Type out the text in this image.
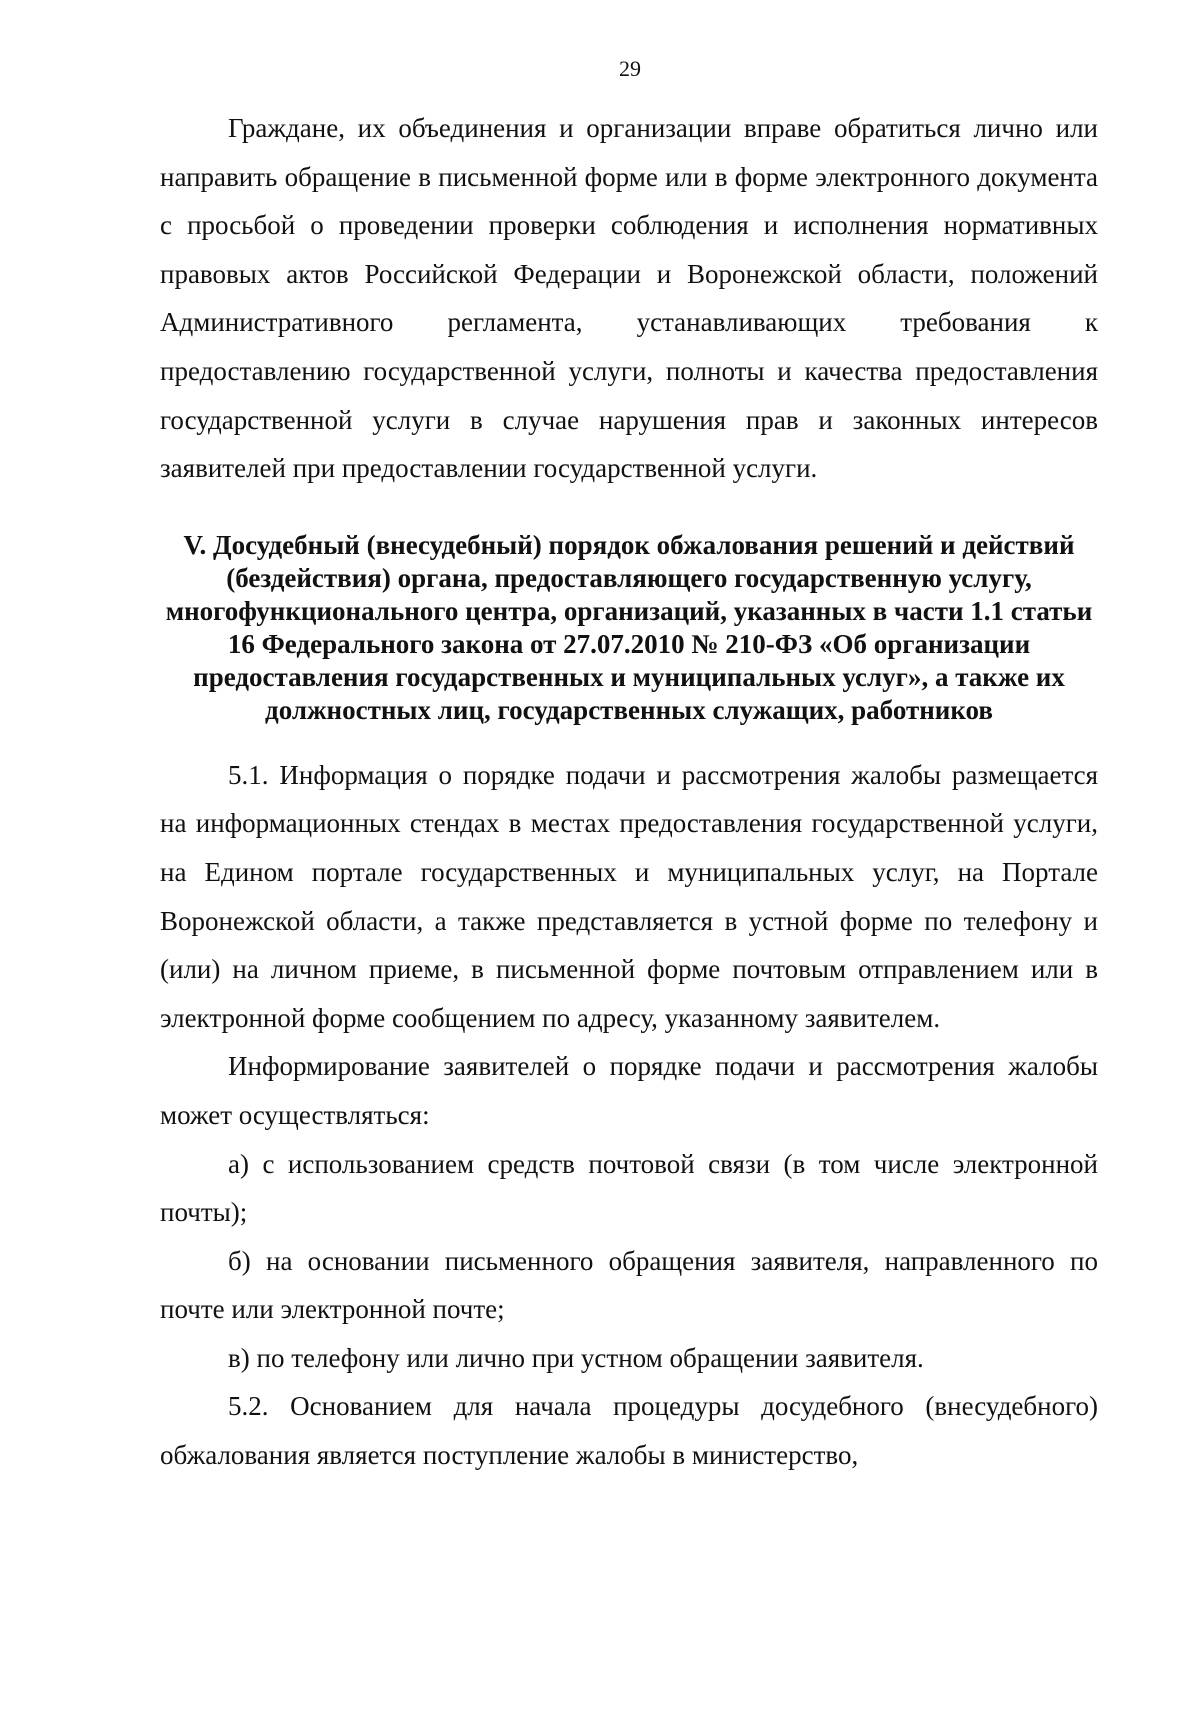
29

Граждане, их объединения и организации вправе обратиться лично или направить обращение в письменной форме или в форме электронного документа с просьбой о проведении проверки соблюдения и исполнения нормативных правовых актов Российской Федерации и Воронежской области, положений Административного регламента, устанавливающих требования к предоставлению государственной услуги, полноты и качества предоставления государственной услуги в случае нарушения прав и законных интересов заявителей при предоставлении государственной услуги.

V. Досудебный (внесудебный) порядок обжалования решений и действий (бездействия) органа, предоставляющего государственную услугу, многофункционального центра, организаций, указанных в части 1.1 статьи 16 Федерального закона от 27.07.2010 № 210-ФЗ «Об организации предоставления государственных и муниципальных услуг», а также их должностных лиц, государственных служащих, работников

5.1. Информация о порядке подачи и рассмотрения жалобы размещается на информационных стендах в местах предоставления государственной услуги, на Едином портале государственных и муниципальных услуг, на Портале Воронежской области, а также представляется в устной форме по телефону и (или) на личном приеме, в письменной форме почтовым отправлением или в электронной форме сообщением по адресу, указанному заявителем.

Информирование заявителей о порядке подачи и рассмотрения жалобы может осуществляться:

а) с использованием средств почтовой связи (в том числе электронной почты);

б) на основании письменного обращения заявителя, направленного по почте или электронной почте;

в) по телефону или лично при устном обращении заявителя.

5.2. Основанием для начала процедуры досудебного (внесудебного) обжалования является поступление жалобы в министерство,
